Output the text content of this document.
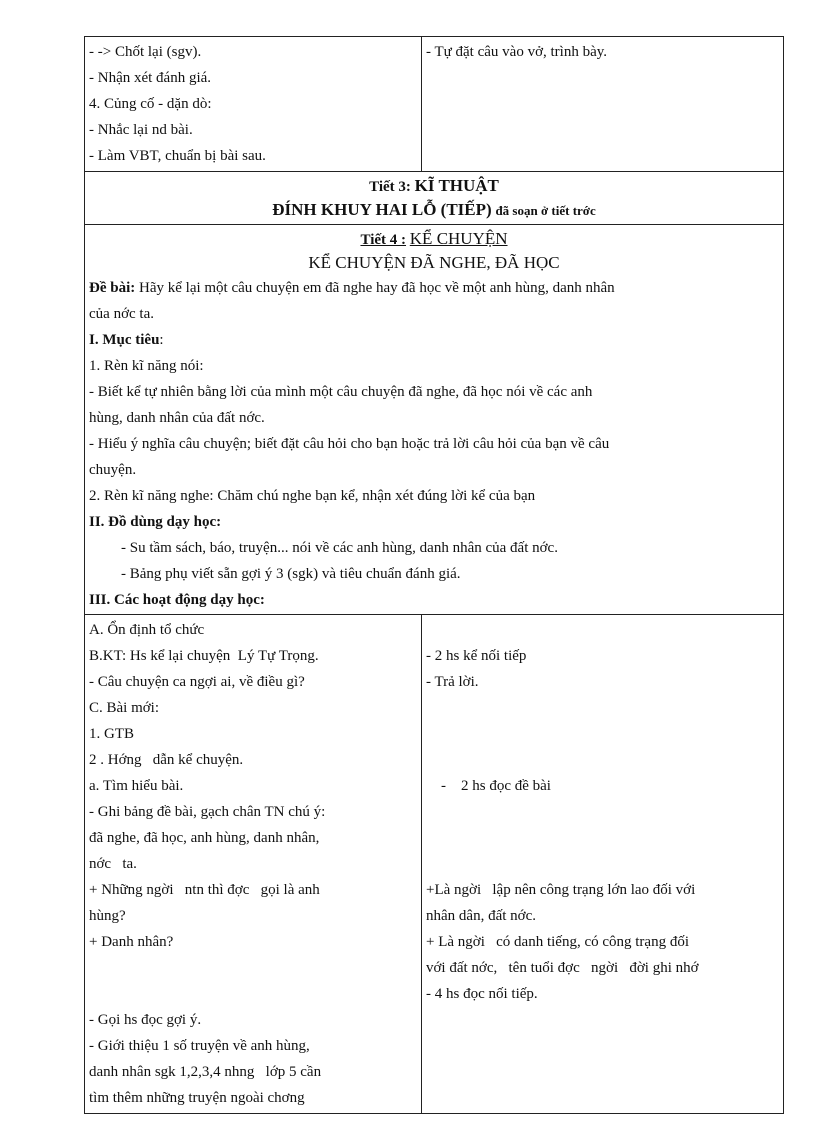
- -> Chốt lại (sgv).
- Nhận xét đánh giá.
4. Củng cố - dặn dò:
- Nhắc lại nd bài.
- Làm VBT, chuẩn bị bài sau.
- Tự đặt câu vào vở, trình bày.
Tiết 3: KĨ THUẬT
ĐÍNH KHUY HAI LỖ (TIẾP) đã soạn ở tiết trớc
Tiết 4 : KỂ CHUYỆN
KỂ CHUYỆN ĐÃ NGHE, ĐÃ HỌC
Đề bài: Hãy kể lại một câu chuyện em đã nghe hay đã học về một anh hùng, danh nhân
của nớc ta.
I. Mục tiêu:
1. Rèn kĩ năng nói:
- Biết kể tự nhiên bằng lời của mình một câu chuyện đã nghe, đã học nói về các anh
hùng, danh nhân của đất nớc.
- Hiểu ý nghĩa câu chuyện; biết đặt câu hỏi cho bạn hoặc trả lời câu hỏi của bạn về câu
chuyện.
2. Rèn kĩ năng nghe: Chăm chú nghe bạn kể, nhận xét đúng lời kể của bạn
II. Đồ dùng dạy học:
- Su tầm sách, báo, truyện... nói về các anh hùng, danh nhân của đất nớc.
- Bảng phụ viết sẵn gợi ý 3 (sgk) và tiêu chuẩn đánh giá.
III. Các hoạt động dạy học:
A. Ổn định tổ chức
B.KT: Hs kể lại chuyện  Lý Tự Trọng.
- Câu chuyện ca ngợi ai, về điều gì?
C. Bài mới:
1. GTB
2 . Hớng   dẫn kể chuyện.
a. Tìm hiểu bài.
- Ghi bảng đề bài, gạch chân TN chú ý:
đã nghe, đã học, anh hùng, danh nhân,
nớc   ta.
+ Những ngời   ntn thì đợc   gọi là anh
hùng?
+ Danh nhân?
- Gọi hs đọc gợi ý.
- Giới thiệu 1 số truyện về anh hùng,
danh nhân sgk 1,2,3,4 nhng   lớp 5 cần
tìm thêm những truyện ngoài chơng
- 2 hs kể nối tiếp
- Trả lời.
-    2 hs đọc đề bài
+Là ngời   lập nên công trạng lớn lao đối với
nhân dân, đất nớc.
+ Là ngời   có danh tiếng, có công trạng đối
với đất nớc,   tên tuổi đợc   ngời   đời ghi nhớ
- 4 hs đọc nối tiếp.
